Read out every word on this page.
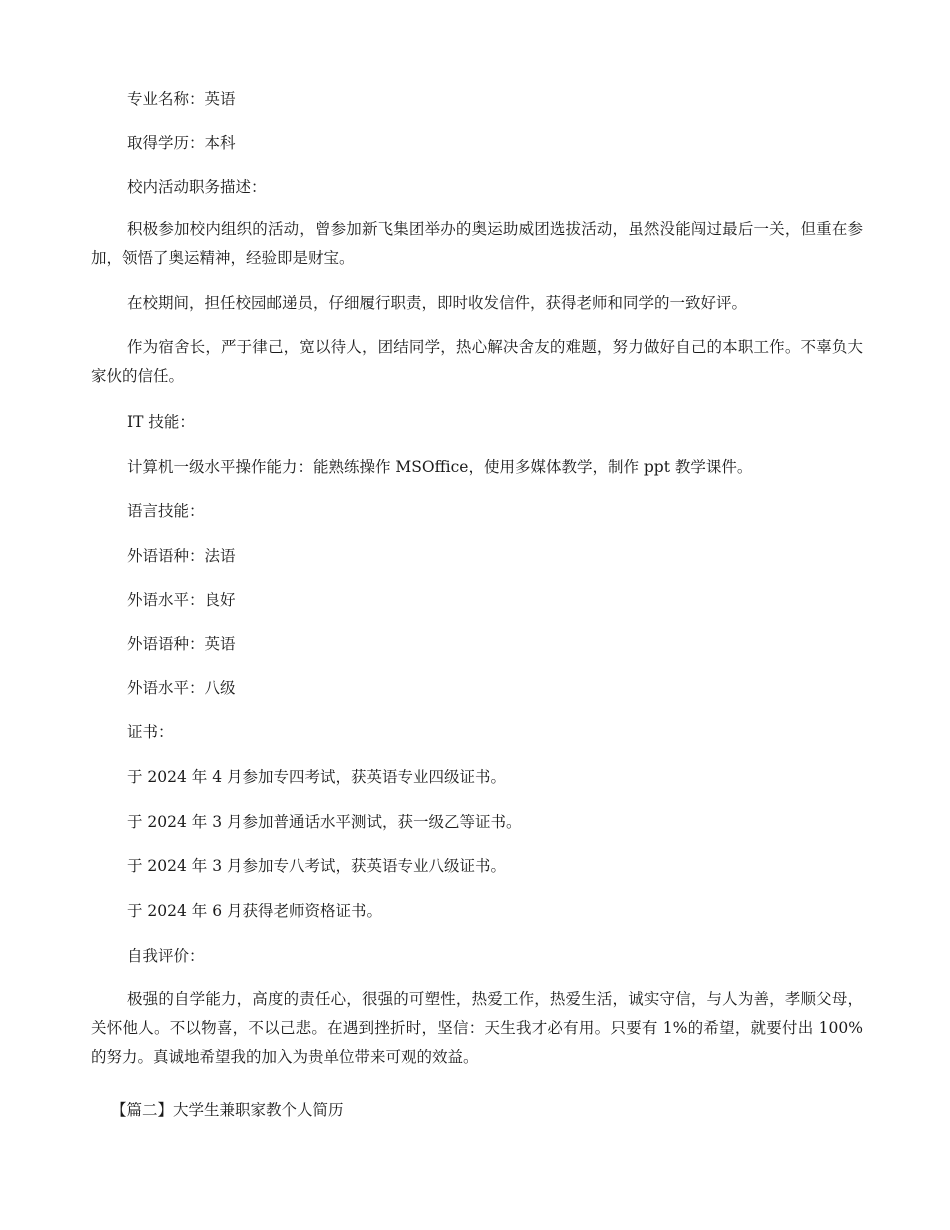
专业名称：英语
取得学历：本科
校内活动职务描述：
积极参加校内组织的活动，曾参加新飞集团举办的奥运助威团选拔活动，虽然没能闯过最后一关，但重在参加，领悟了奥运精神，经验即是财宝。
在校期间，担任校园邮递员，仔细履行职责，即时收发信件，获得老师和同学的一致好评。
作为宿舍长，严于律己，宽以待人，团结同学，热心解决舍友的难题，努力做好自己的本职工作。不辜负大家伙的信任。
IT 技能：
计算机一级水平操作能力：能熟练操作 MSOffice，使用多媒体教学，制作 ppt 教学课件。
语言技能：
外语语种：法语
外语水平：良好
外语语种：英语
外语水平：八级
证书：
于 2024 年 4 月参加专四考试，获英语专业四级证书。
于 2024 年 3 月参加普通话水平测试，获一级乙等证书。
于 2024 年 3 月参加专八考试，获英语专业八级证书。
于 2024 年 6 月获得老师资格证书。
自我评价：
极强的自学能力，高度的责任心，很强的可塑性，热爱工作，热爱生活，诚实守信，与人为善，孝顺父母，关怀他人。不以物喜，不以己悲。在遇到挫折时，坚信：天生我才必有用。只要有 1%的希望，就要付出 100%的努力。真诚地希望我的加入为贵单位带来可观的效益。
【篇二】大学生兼职家教个人简历
